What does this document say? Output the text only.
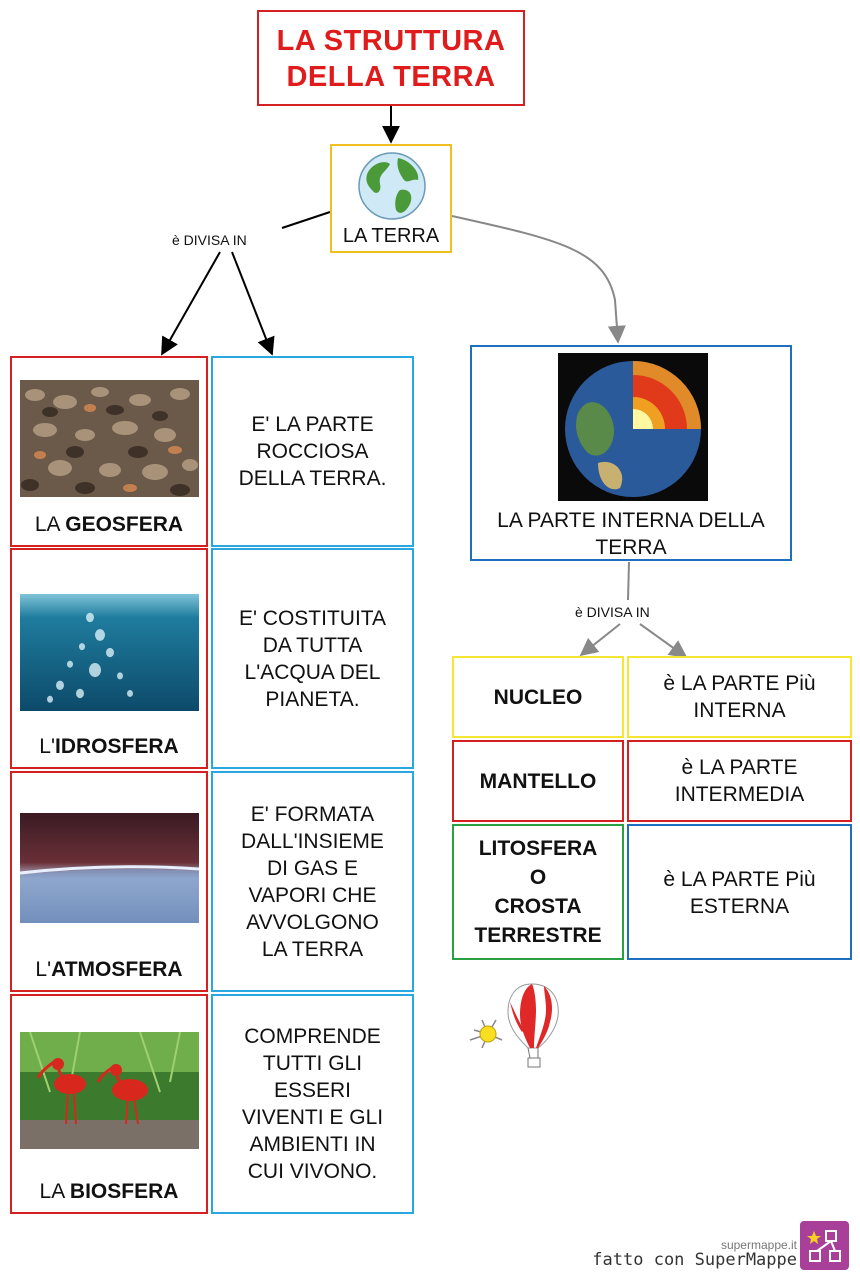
LA STRUTTURA DELLA TERRA
LA TERRA
è DIVISA IN
LA GEOSFERA
E' LA PARTE ROCCIOSA DELLA TERRA.
L'IDROSFERA
E' COSTITUITA DA TUTTA L'ACQUA DEL PIANETA.
L'ATMOSFERA
E' FORMATA DALL'INSIEME DI GAS E VAPORI CHE AVVOLGONO LA TERRA
LA BIOSFERA
COMPRENDE TUTTI GLI ESSERI VIVENTI E GLI AMBIENTI IN CUI VIVONO.
LA PARTE INTERNA DELLA TERRA
è DIVISA IN
NUCLEO
è LA PARTE Più INTERNA
MANTELLO
è LA PARTE INTERMEDIA
LITOSFERA
O
CROSTA
TERRESTRE
è LA PARTE Più ESTERNA
supermappe.it
fatto con SuperMappe
